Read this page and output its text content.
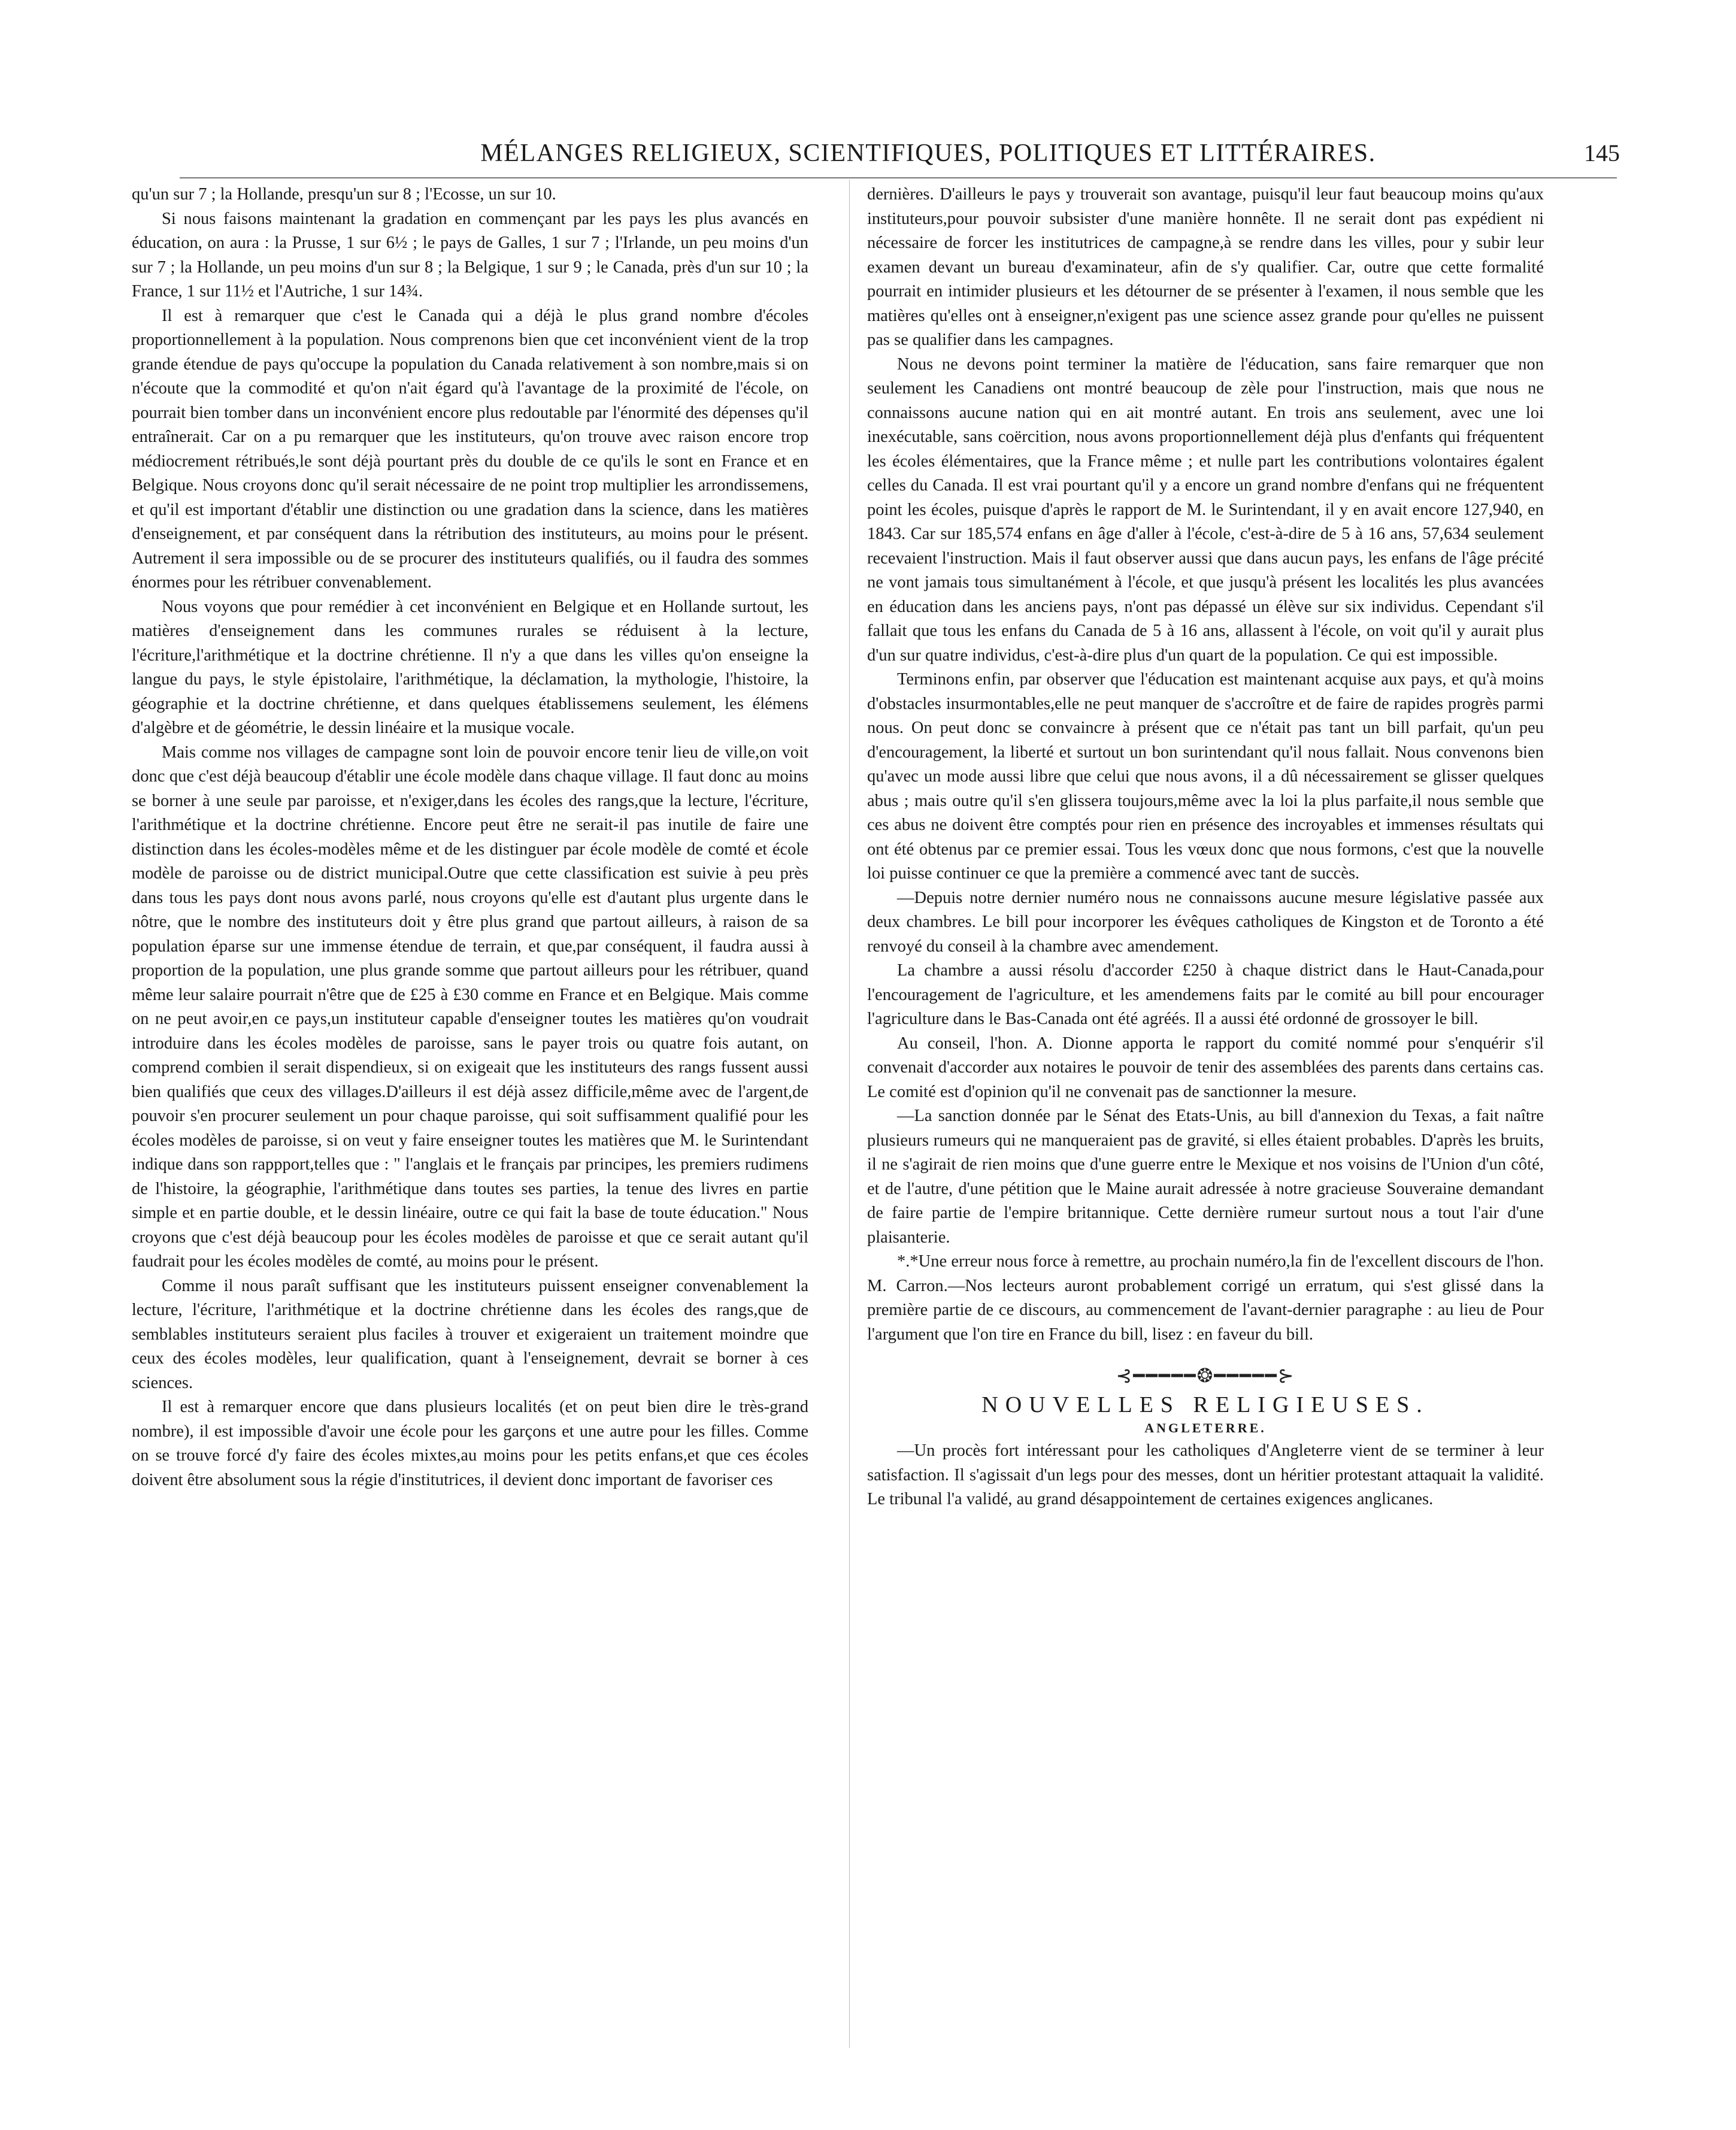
MÉLANGES RELIGIEUX, SCIENTIFIQUES, POLITIQUES ET LITTÉRAIRES.	145

qu'un sur 7 ; la Hollande, presqu'un sur 8 ; l'Ecosse, un sur 10.

Si nous faisons maintenant la gradation en commençant par les pays les plus avancés en éducation, on aura : la Prusse, 1 sur 6½ ; le pays de Galles, 1 sur 7 ; l'Irlande, un peu moins d'un sur 7 ; la Hollande, un peu moins d'un sur 8 ; la Belgique, 1 sur 9 ; le Canada, près d'un sur 10 ; la France, 1 sur 11½ et l'Autriche, 1 sur 14¾.

Il est à remarquer que c'est le Canada qui a déjà le plus grand nombre d'écoles proportionnellement à la population. Nous comprenons bien que cet inconvénient vient de la trop grande étendue de pays qu'occupe la population du Canada relativement à son nombre,mais si on n'écoute que la commodité et qu'on n'ait égard qu'à l'avantage de la proximité de l'école, on pourrait bien tomber dans un inconvénient encore plus redoutable par l'énormité des dépenses qu'il entraînerait. Car on a pu remarquer que les instituteurs, qu'on trouve avec raison encore trop médiocrement rétribués,le sont déjà pourtant près du double de ce qu'ils le sont en France et en Belgique. Nous croyons donc qu'il serait nécessaire de ne point trop multiplier les arrondissemens, et qu'il est important d'établir une distinction ou une gradation dans la science, dans les matières d'enseignement, et par conséquent dans la rétribution des instituteurs, au moins pour le présent. Autrement il sera impossible ou de se procurer des instituteurs qualifiés, ou il faudra des sommes énormes pour les rétribuer convenablement.

Nous voyons que pour remédier à cet inconvénient en Belgique et en Hollande surtout, les matières d'enseignement dans les communes rurales se réduisent à la lecture, l'écriture,l'arithmétique et la doctrine chrétienne. Il n'y a que dans les villes qu'on enseigne la langue du pays, le style épistolaire, l'arithmétique, la déclamation, la mythologie, l'histoire, la géographie et la doctrine chrétienne, et dans quelques établissemens seulement, les élémens d'algèbre et de géométrie, le dessin linéaire et la musique vocale.

Mais comme nos villages de campagne sont loin de pouvoir encore tenir lieu de ville,on voit donc que c'est déjà beaucoup d'établir une école modèle dans chaque village. Il faut donc au moins se borner à une seule par paroisse, et n'exiger,dans les écoles des rangs,que la lecture, l'écriture, l'arithmétique et la doctrine chrétienne. Encore peut être ne serait-il pas inutile de faire une distinction dans les écoles-modèles même et de les distinguer par école modèle de comté et école modèle de paroisse ou de district municipal.Outre que cette classification est suivie à peu près dans tous les pays dont nous avons parlé, nous croyons qu'elle est d'autant plus urgente dans le nôtre, que le nombre des instituteurs doit y être plus grand que partout ailleurs, à raison de sa population éparse sur une immense étendue de terrain, et que,par conséquent, il faudra aussi à proportion de la population, une plus grande somme que partout ailleurs pour les rétribuer, quand même leur salaire pourrait n'être que de £25 à £30 comme en France et en Belgique. Mais comme on ne peut avoir,en ce pays,un instituteur capable d'enseigner toutes les matières qu'on voudrait introduire dans les écoles modèles de paroisse, sans le payer trois ou quatre fois autant, on comprend combien il serait dispendieux, si on exigeait que les instituteurs des rangs fussent aussi bien qualifiés que ceux des villages.D'ailleurs il est déjà assez difficile,même avec de l'argent,de pouvoir s'en procurer seulement un pour chaque paroisse, qui soit suffisamment qualifié pour les écoles modèles de paroisse, si on veut y faire enseigner toutes les matières que M. le Surintendant indique dans son rappport,telles que : " l'anglais et le français par principes, les premiers rudimens de l'histoire, la géographie, l'arithmétique dans toutes ses parties, la tenue des livres en partie simple et en partie double, et le dessin linéaire, outre ce qui fait la base de toute éducation." Nous croyons que c'est déjà beaucoup pour les écoles modèles de paroisse et que ce serait autant qu'il faudrait pour les écoles modèles de comté, au moins pour le présent.

Comme il nous paraît suffisant que les instituteurs puissent enseigner convenablement la lecture, l'écriture, l'arithmétique et la doctrine chrétienne dans les écoles des rangs,que de semblables instituteurs seraient plus faciles à trouver et exigeraient un traitement moindre que ceux des écoles modèles, leur qualification, quant à l'enseignement, devrait se borner à ces sciences.

Il est à remarquer encore que dans plusieurs localités (et on peut bien dire le très-grand nombre), il est impossible d'avoir une école pour les garçons et une autre pour les filles. Comme on se trouve forcé d'y faire des écoles mixtes,au moins pour les petits enfans,et que ces écoles doivent être absolument sous la régie d'institutrices, il devient donc important de favoriser ces

dernières. D'ailleurs le pays y trouverait son avantage, puisqu'il leur faut beaucoup moins qu'aux instituteurs,pour pouvoir subsister d'une manière honnête. Il ne serait dont pas expédient ni nécessaire de forcer les institutrices de campagne,à se rendre dans les villes, pour y subir leur examen devant un bureau d'examinateur, afin de s'y qualifier. Car, outre que cette formalité pourrait en intimider plusieurs et les détourner de se présenter à l'examen, il nous semble que les matières qu'elles ont à enseigner,n'exigent pas une science assez grande pour qu'elles ne puissent pas se qualifier dans les campagnes.

Nous ne devons point terminer la matière de l'éducation, sans faire remarquer que non seulement les Canadiens ont montré beaucoup de zèle pour l'instruction, mais que nous ne connaissons aucune nation qui en ait montré autant. En trois ans seulement, avec une loi inexécutable, sans coërcition, nous avons proportionnellement déjà plus d'enfants qui fréquentent les écoles élémentaires, que la France même ; et nulle part les contributions volontaires égalent celles du Canada. Il est vrai pourtant qu'il y a encore un grand nombre d'enfans qui ne fréquentent point les écoles, puisque d'après le rapport de M. le Surintendant, il y en avait encore 127,940, en 1843. Car sur 185,574 enfans en âge d'aller à l'école, c'est-à-dire de 5 à 16 ans, 57,634 seulement recevaient l'instruction. Mais il faut observer aussi que dans aucun pays, les enfans de l'âge précité ne vont jamais tous simultanément à l'école, et que jusqu'à présent les localités les plus avancées en éducation dans les anciens pays, n'ont pas dépassé un élève sur six individus. Cependant s'il fallait que tous les enfans du Canada de 5 à 16 ans, allassent à l'école, on voit qu'il y aurait plus d'un sur quatre individus, c'est-à-dire plus d'un quart de la population. Ce qui est impossible.

Terminons enfin, par observer que l'éducation est maintenant acquise aux pays, et qu'à moins d'obstacles insurmontables,elle ne peut manquer de s'accroître et de faire de rapides progrès parmi nous. On peut donc se convaincre à présent que ce n'était pas tant un bill parfait, qu'un peu d'encouragement, la liberté et surtout un bon surintendant qu'il nous fallait. Nous convenons bien qu'avec un mode aussi libre que celui que nous avons, il a dû nécessairement se glisser quelques abus ; mais outre qu'il s'en glissera toujours,même avec la loi la plus parfaite,il nous semble que ces abus ne doivent être comptés pour rien en présence des incroyables et immenses résultats qui ont été obtenus par ce premier essai. Tous les vœux donc que nous formons, c'est que la nouvelle loi puisse continuer ce que la première a commencé avec tant de succès.

—Depuis notre dernier numéro nous ne connaissons aucune mesure législative passée aux deux chambres. Le bill pour incorporer les évêques catholiques de Kingston et de Toronto a été renvoyé du conseil à la chambre avec amendement.

La chambre a aussi résolu d'accorder £250 à chaque district dans le Haut-Canada,pour l'encouragement de l'agriculture, et les amendemens faits par le comité au bill pour encourager l'agriculture dans le Bas-Canada ont été agréés. Il a aussi été ordonné de grossoyer le bill.

Au conseil, l'hon. A. Dionne apporta le rapport du comité nommé pour s'enquérir s'il convenait d'accorder aux notaires le pouvoir de tenir des assemblées des parents dans certains cas. Le comité est d'opinion qu'il ne convenait pas de sanctionner la mesure.

—La sanction donnée par le Sénat des Etats-Unis, au bill d'annexion du Texas, a fait naître plusieurs rumeurs qui ne manqueraient pas de gravité, si elles étaient probables. D'après les bruits, il ne s'agirait de rien moins que d'une guerre entre le Mexique et nos voisins de l'Union d'un côté, et de l'autre, d'une pétition que le Maine aurait adressée à notre gracieuse Souveraine demandant de faire partie de l'empire britannique. Cette dernière rumeur surtout nous a tout l'air d'une plaisanterie.

*.*Une erreur nous force à remettre, au prochain numéro,la fin de l'excellent discours de l'hon. M. Carron.—Nos lecteurs auront probablement corrigé un erratum, qui s'est glissé dans la première partie de ce discours, au commencement de l'avant-dernier paragraphe : au lieu de Pour l'argument que l'on tire en France du bill, lisez : en faveur du bill.

⊰━━━━━❂━━━━━⊱
NOUVELLES RELIGIEUSES.
ANGLETERRE.

—Un procès fort intéressant pour les catholiques d'Angleterre vient de se terminer à leur satisfaction. Il s'agissait d'un legs pour des messes, dont un héritier protestant attaquait la validité. Le tribunal l'a validé, au grand désappointement de certaines exigences anglicanes.
